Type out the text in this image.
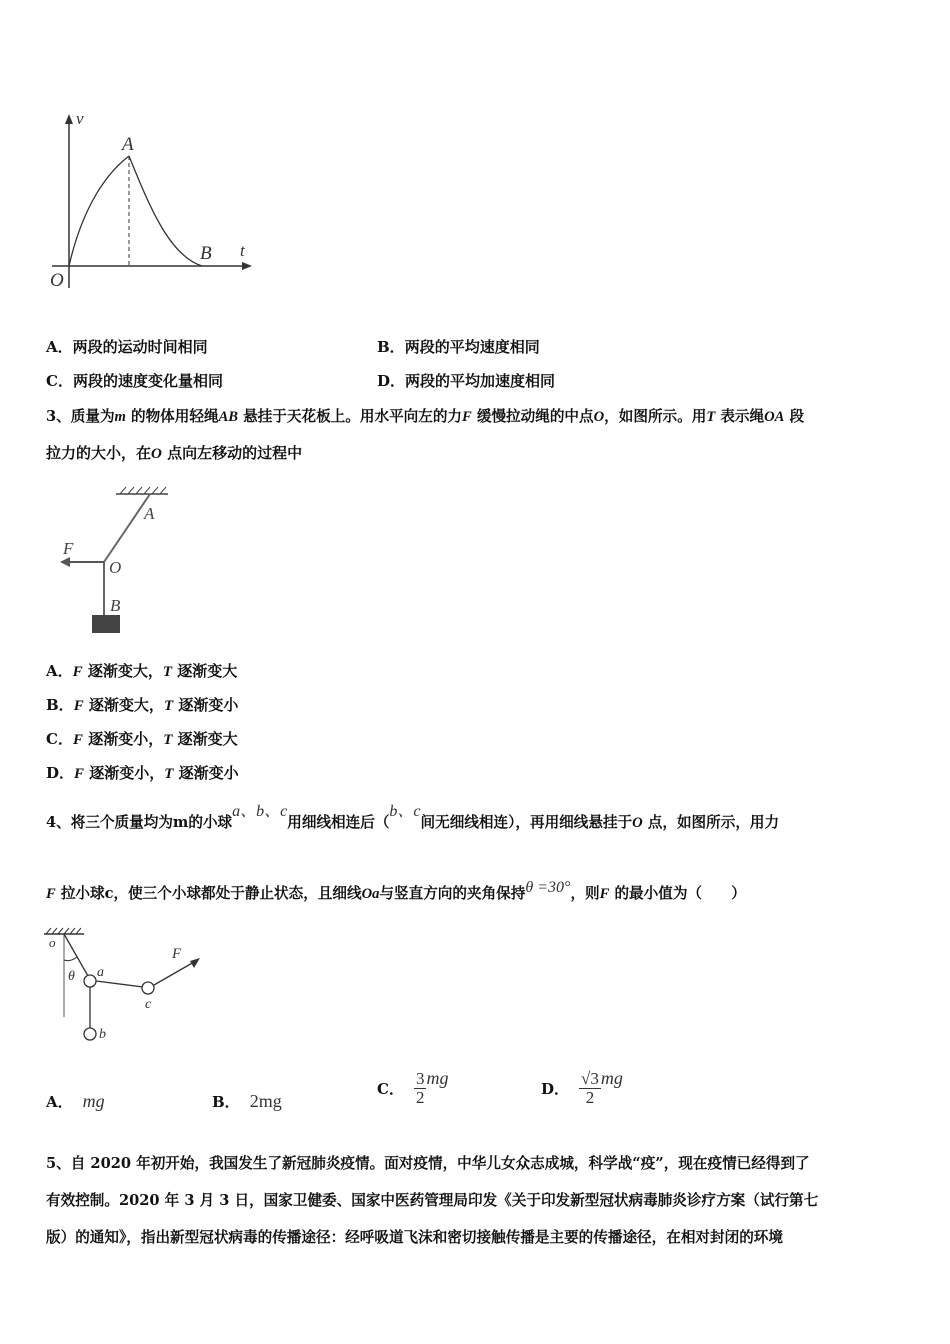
v
t
O
A
B
A．两段的运动时间相同	B．两段的平均速度相同
C．两段的速度变化量相同	D．两段的平均加速度相同
3、质量为m 的物体用轻绳AB 悬挂于天花板上。用水平向左的力F 缓慢拉动绳的中点O，如图所示。用T 表示绳OA 段
拉力的大小，在O 点向左移动的过程中
A
F
O
B
A．F 逐渐变大，T 逐渐变大
B．F 逐渐变大，T 逐渐变小
C．F 逐渐变小，T 逐渐变大
D．F 逐渐变小，T 逐渐变小
4、将三个质量均为m的小球a、b、c用细线相连后（b、c间无细线相连），再用细线悬挂于O 点，如图所示，用力
F 拉小球c，使三个小球都处于静止状态，且细线Oa与竖直方向的夹角保持θ =30°，则F 的最小值为（　　）
o
θ a
c
b
F
A． mg	B． 2mg
C． $\frac{3}{2}$ mg
D． $\frac{√3}{2}$ mg
5、自 2020 年初开始，我国发生了新冠肺炎疫情。面对疫情，中华儿女众志成城，科学战“疫”，现在疫情已经得到了
有效控制。2020 年 3 月 3 日，国家卫健委、国家中医药管理局印发《关于印发新型冠状病毒肺炎诊疗方案（试行第七
版）的通知》，指出新型冠状病毒的传播途径：经呼吸道飞沫和密切接触传播是主要的传播途径，在相对封闭的环境
